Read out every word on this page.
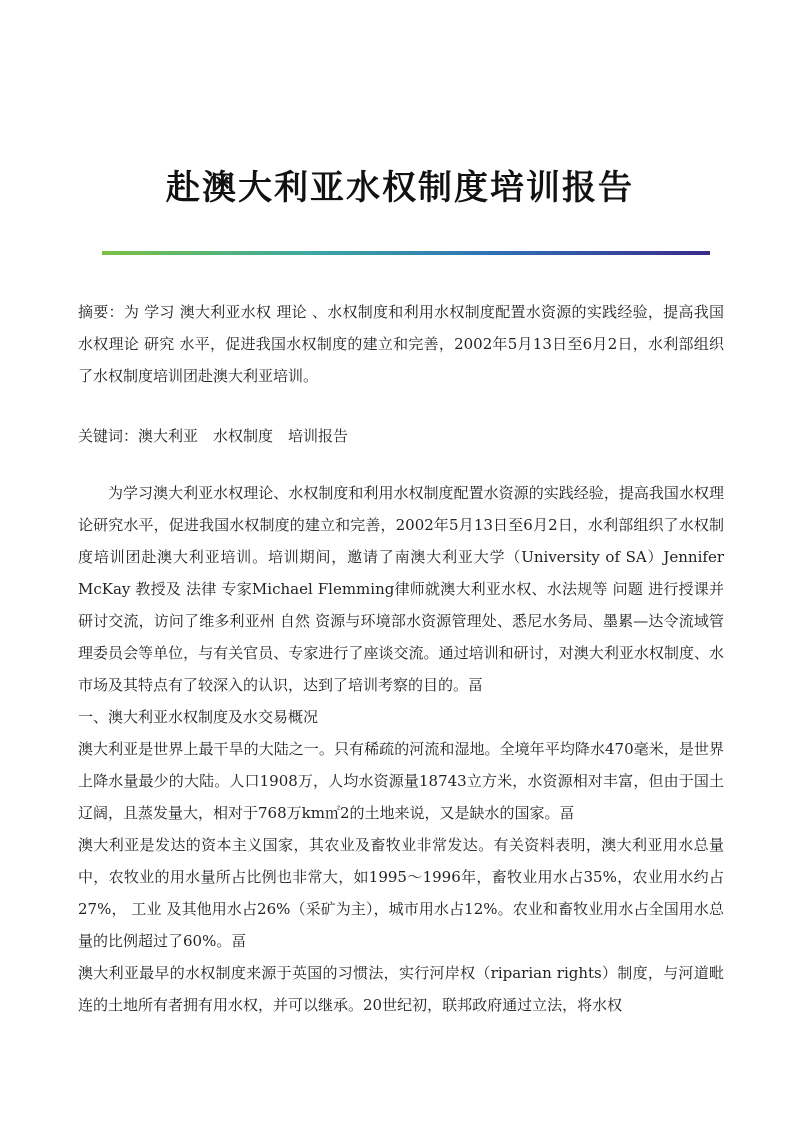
赴澳大利亚水权制度培训报告

摘要：为 学习 澳大利亚水权 理论 、水权制度和利用水权制度配置水资源的实践经验，提高我国水权理论 研究 水平，促进我国水权制度的建立和完善，2002年5月13日至6月2日，水利部组织了水权制度培训团赴澳大利亚培训。

关键词：澳大利亚　水权制度　培训报告

为学习澳大利亚水权理论、水权制度和利用水权制度配置水资源的实践经验，提高我国水权理论研究水平，促进我国水权制度的建立和完善，2002年5月13日至6月2日，水利部组织了水权制度培训团赴澳大利亚培训。培训期间，邀请了南澳大利亚大学（University of SA）Jennifer McKay 教授及 法律 专家Michael Flemming律师就澳大利亚水权、水法规等 问题 进行授课并研讨交流，访问了维多利亚州 自然 资源与环境部水资源管理处、悉尼水务局、墨累—达令流域管理委员会等单位，与有关官员、专家进行了座谈交流。通过培训和研讨，对澳大利亚水权制度、水市场及其特点有了较深入的认识，达到了培训考察的目的。畐

一、澳大利亚水权制度及水交易概况

澳大利亚是世界上最干旱的大陆之一。只有稀疏的河流和湿地。全境年平均降水470毫米，是世界上降水量最少的大陆。人口1908万，人均水资源量18743立方米，水资源相对丰富，但由于国土辽阔，且蒸发量大，相对于768万km㎡2的土地来说，又是缺水的国家。畐

澳大利亚是发达的资本主义国家，其农业及畜牧业非常发达。有关资料表明，澳大利亚用水总量中，农牧业的用水量所占比例也非常大，如1995～1996年，畜牧业用水占35%，农业用水约占27%， 工业 及其他用水占26%（采矿为主），城市用水占12%。农业和畜牧业用水占全国用水总量的比例超过了60%。畐

澳大利亚最早的水权制度来源于英国的习惯法，实行河岸权（riparian rights）制度，与河道毗连的土地所有者拥有用水权，并可以继承。20世纪初，联邦政府通过立法，将水权
